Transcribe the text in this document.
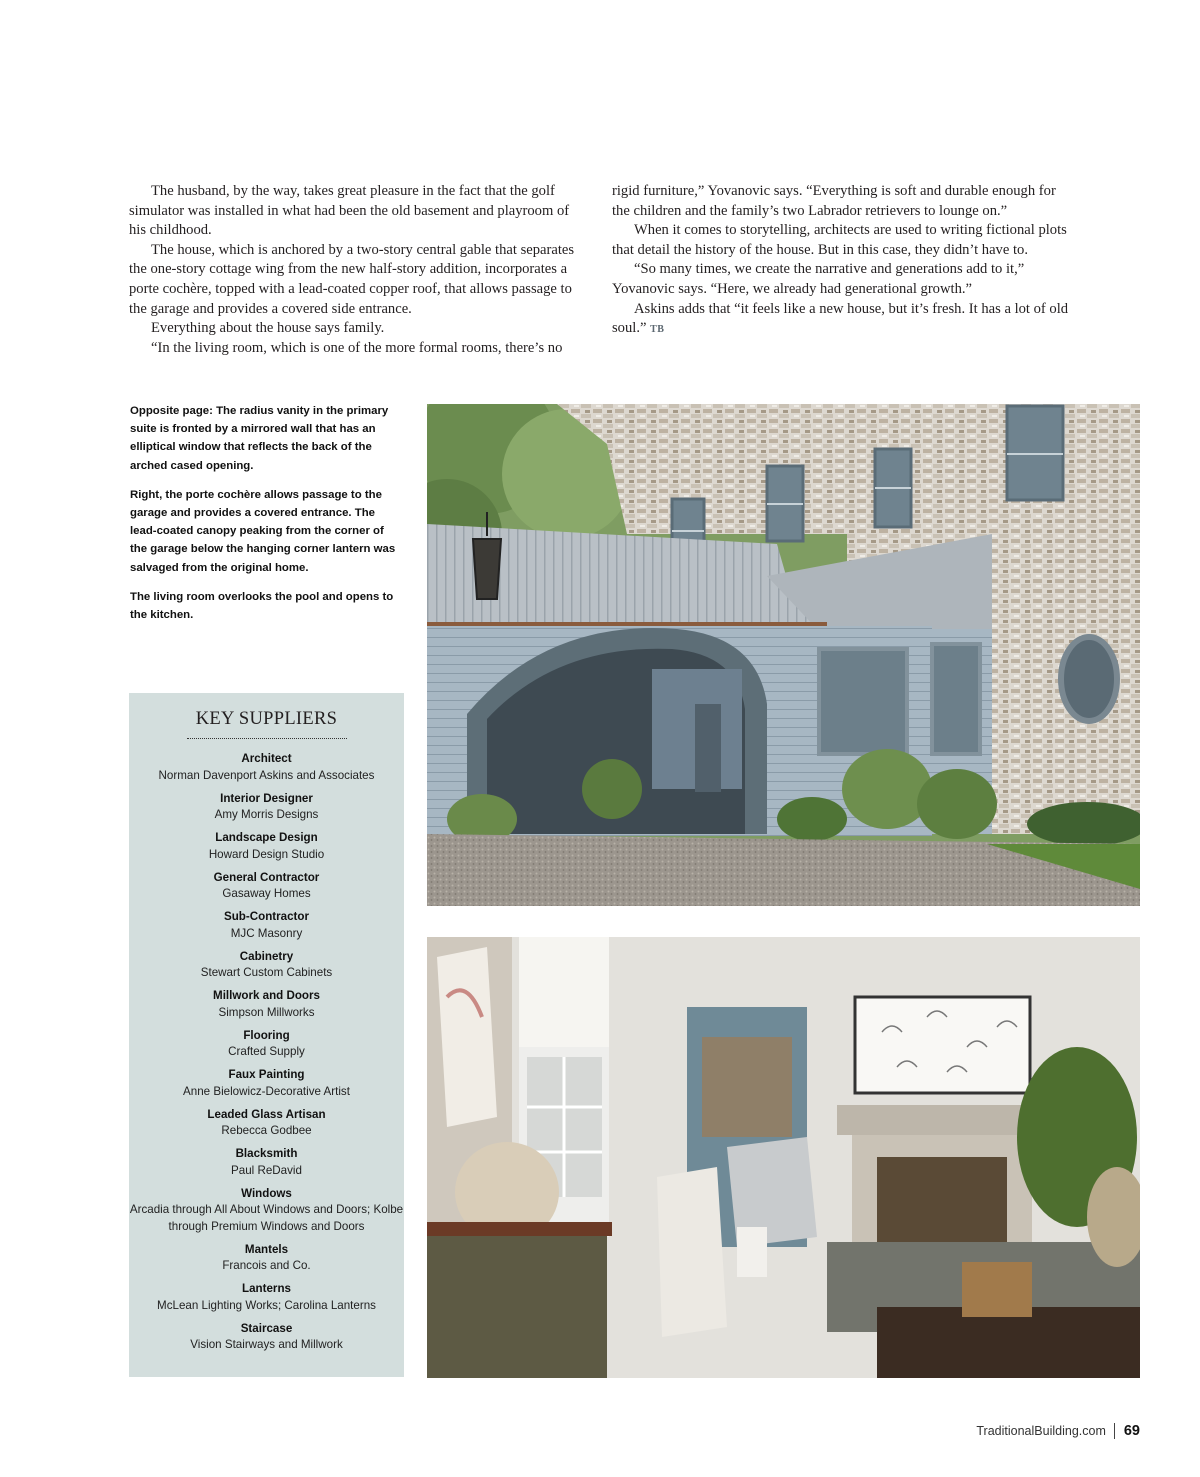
The husband, by the way, takes great pleasure in the fact that the golf simulator was installed in what had been the old basement and playroom of his childhood.

The house, which is anchored by a two-story central gable that separates the one-story cottage wing from the new half-story addition, incorporates a porte cochère, topped with a lead-coated copper roof, that allows passage to the garage and provides a covered side entrance.

Everything about the house says family.

“In the living room, which is one of the more formal rooms, there’s no

rigid furniture,” Yovanovic says. “Everything is soft and durable enough for the children and the family’s two Labrador retrievers to lounge on.”

When it comes to storytelling, architects are used to writing fictional plots that detail the history of the house. But in this case, they didn’t have to.

“So many times, we create the narrative and generations add to it,” Yovanovic says. “Here, we already had generational growth.”

Askins adds that “it feels like a new house, but it’s fresh. It has a lot of old soul.” TB

Opposite page: The radius vanity in the primary suite is fronted by a mirrored wall that has an elliptical window that reflects the back of the arched cased opening.

Right, the porte cochère allows passage to the garage and provides a covered entrance. The lead-coated canopy peaking from the corner of the garage below the hanging corner lantern was salvaged from the original home.

The living room overlooks the pool and opens to the kitchen.

KEY SUPPLIERS
Architect
Norman Davenport Askins and Associates
Interior Designer
Amy Morris Designs
Landscape Design
Howard Design Studio
General Contractor
Gasaway Homes
Sub-Contractor
MJC Masonry
Cabinetry
Stewart Custom Cabinets
Millwork and Doors
Simpson Millworks
Flooring
Crafted Supply
Faux Painting
Anne Bielowicz-Decorative Artist
Leaded Glass Artisan
Rebecca Godbee
Blacksmith
Paul ReDavid
Windows
Arcadia through All About Windows and Doors; Kolbe through Premium Windows and Doors
Mantels
Francois and Co.
Lanterns
McLean Lighting Works; Carolina Lanterns
Staircase
Vision Stairways and Millwork
TraditionalBuilding.com 69
